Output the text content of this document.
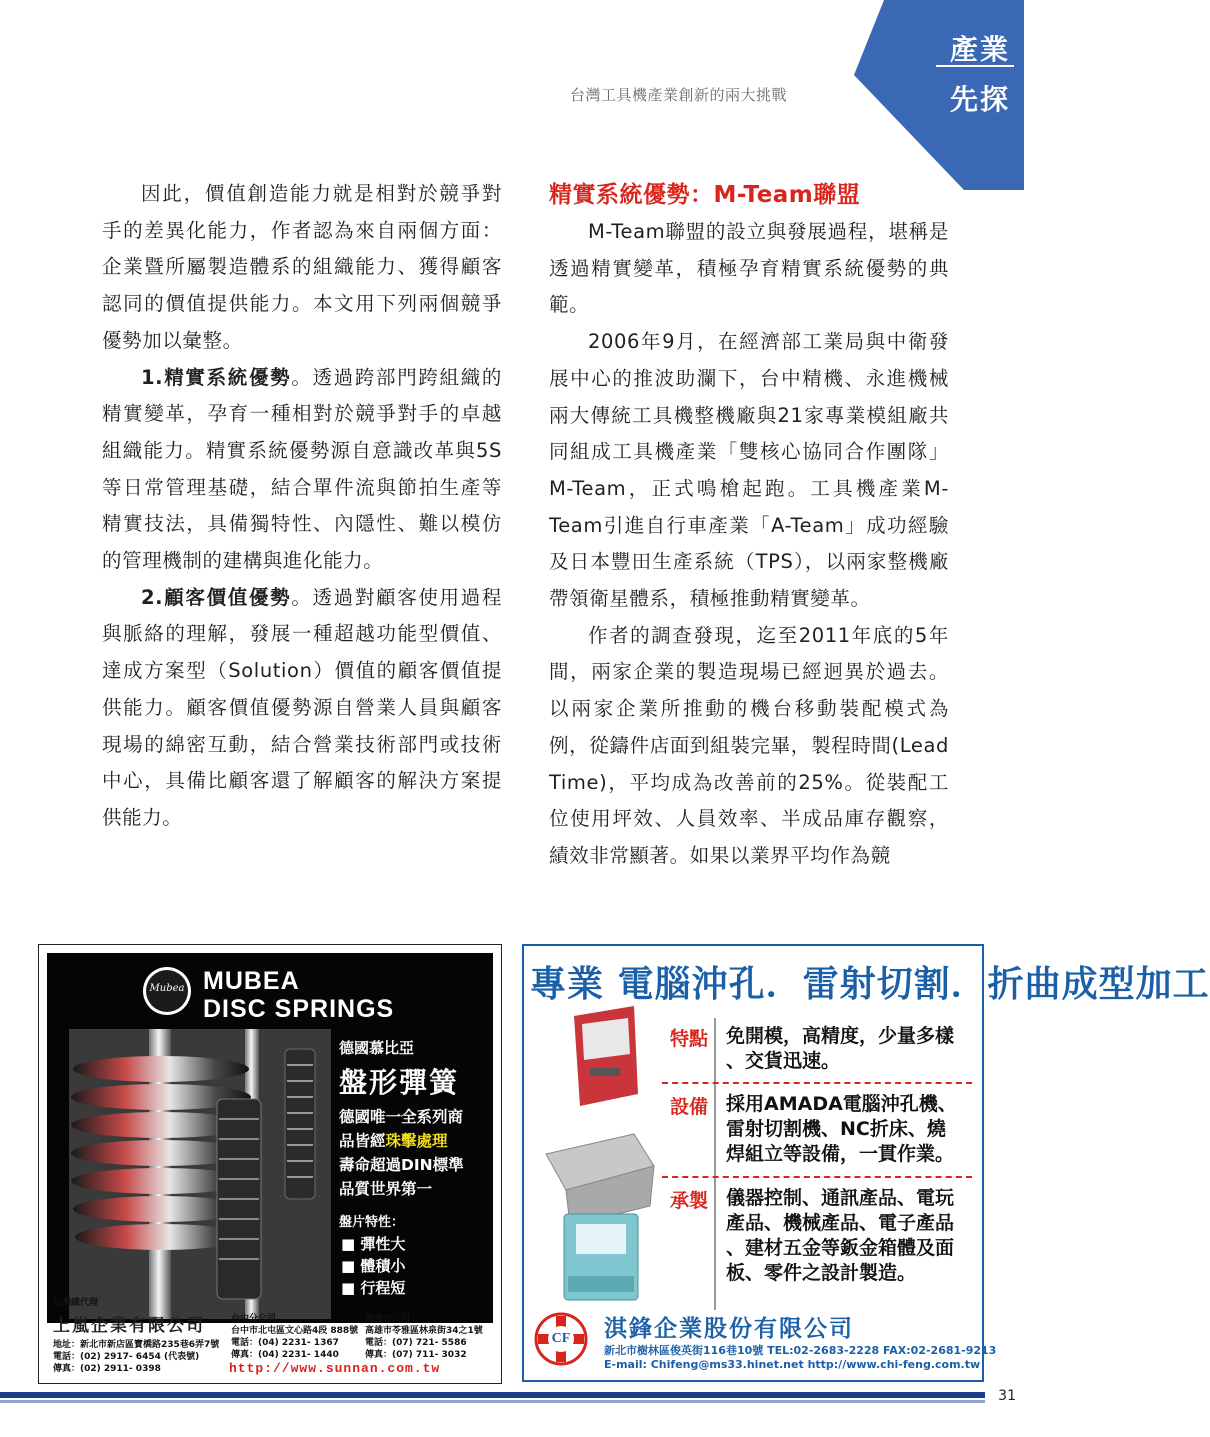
產業
先探
台灣工具機產業創新的兩大挑戰

因此，價值創造能力就是相對於競爭對手的差異化能力，作者認為來自兩個方面：企業暨所屬製造體系的組織能力、獲得顧客認同的價值提供能力。本文用下列兩個競爭優勢加以彙整。

1.精實系統優勢。透過跨部門跨組織的精實變革，孕育一種相對於競爭對手的卓越組織能力。精實系統優勢源自意識改革與5S等日常管理基礎，結合單件流與節拍生產等精實技法，具備獨特性、內隱性、難以模仿的管理機制的建構與進化能力。

2.顧客價值優勢。透過對顧客使用過程與脈絡的理解，發展一種超越功能型價值、達成方案型（Solution）價值的顧客價值提供能力。顧客價值優勢源自營業人員與顧客現場的綿密互動，結合營業技術部門或技術中心，具備比顧客還了解顧客的解決方案提供能力。

精實系統優勢：M-Team聯盟

M-Team聯盟的設立與發展過程，堪稱是透過精實變革，積極孕育精實系統優勢的典範。

2006年9月，在經濟部工業局與中衛發展中心的推波助瀾下，台中精機、永進機械兩大傳統工具機整機廠與21家專業模組廠共同組成工具機產業「雙核心協同合作團隊」M-Team，正式鳴槍起跑。工具機產業M-Team引進自行車產業「A-Team」成功經驗及日本豐田生產系統（TPS），以兩家整機廠帶領衛星體系，積極推動精實變革。

作者的調查發現，迄至2011年底的5年間，兩家企業的製造現場已經迥異於過去。以兩家企業所推動的機台移動裝配模式為例，從鑄件店面到組裝完畢，製程時間(Lead Time)，平均成為改善前的25%。從裝配工位使用坪效、人員效率、半成品庫存觀察，績效非常顯著。如果以業界平均作為競

Mubea MUBEA
DISC SPRINGS
德國慕比亞
盤形彈簧
德國唯一全系列商
品皆經珠擊處理
壽命超過DIN標準
品質世界第一
盤片特性：
■ 彈性大
■ 體積小
■ 行程短
台灣總代理
上嵐企業有限公司
地址：新北市新店區寶橋路235巷6弄7號
電話：(02) 2917- 6454 (代表號)
傳真：(02) 2911- 0398
台中分公司
台中市北屯區文心路4段 888號
電話：(04) 2231- 1367
傳真：(04) 2231- 1440
高雄分公司
高雄市苓雅區林泉街34之1號
電話：(07) 721- 5586
傳真：(07) 711- 3032
http://www.sunnan.com.tw
專業 電腦沖孔．雷射切割．折曲成型加工
特點 免開模，高精度，少量多樣
、交貨迅速。
設備 採用AMADA電腦沖孔機、
雷射切割機、NC折床、燒
焊組立等設備，一貫作業。
承製 儀器控制、通訊產品、電玩
產品、機械產品、電子產品
、建材五金等鈑金箱體及面
板、零件之設計製造。
CF	淇鋒企業股份有限公司
新北市樹林區俊英街116巷10號 TEL:02-2683-2228 FAX:02-2681-9213
E-mail: Chifeng@ms33.hinet.net http://www.chi-feng.com.tw
31
